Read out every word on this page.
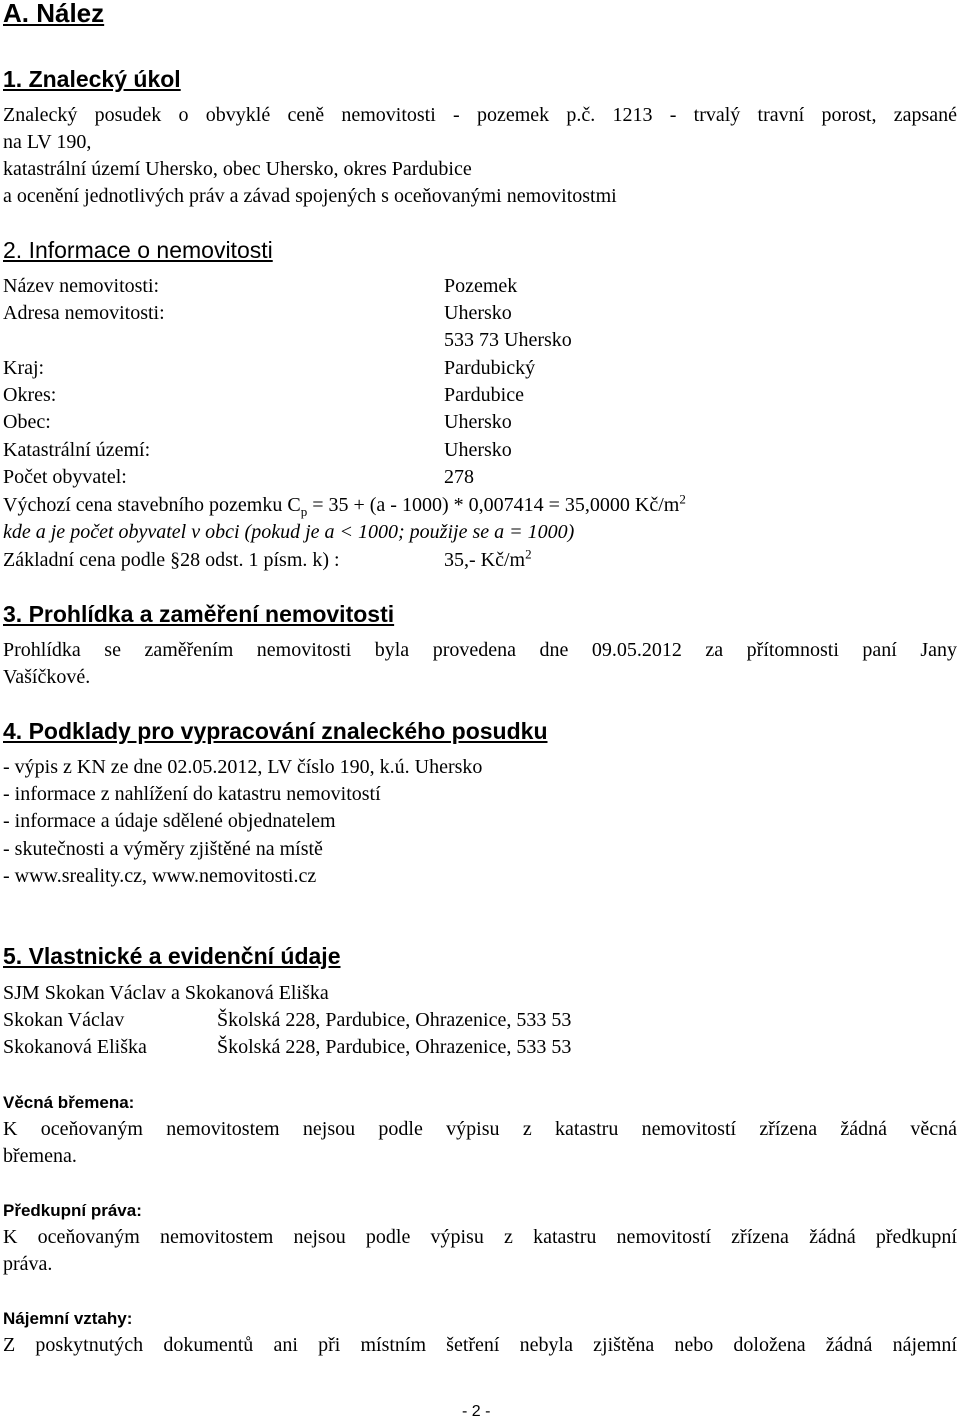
A. Nález
1. Znalecký úkol
Znalecký posudek o obvyklé ceně nemovitosti - pozemek p.č. 1213 - trvalý travní porost, zapsané
na LV 190,
katastrální území Uhersko, obec Uhersko, okres Pardubice
a ocenění jednotlivých práv a závad spojených s oceňovanými nemovitostmi
2. Informace o nemovitosti
Název nemovitosti:	Pozemek
Adresa nemovitosti:	Uhersko
533 73 Uhersko
Kraj:	Pardubický
Okres:	Pardubice
Obec:	Uhersko
Katastrální území:	Uhersko
Počet obyvatel:	278
Výchozí cena stavebního pozemku $C_p = 35 + (a - 1000) * 0,007414 = 35,0000$ $Kč/m^2$
kde a je počet obyvatel v obci (pokud je a < 1000; použije se a = 1000)
Základní cena podle §28 odst. 1 písm. k) :	35,- $Kč/m^2$
3. Prohlídka a zaměření nemovitosti
Prohlídka se zaměřením nemovitosti byla provedena dne 09.05.2012 za přítomnosti paní Jany
Vašíčkové.
4. Podklady pro vypracování znaleckého posudku
- výpis z KN ze dne 02.05.2012, LV číslo 190, k.ú. Uhersko
- informace z nahlížení do katastru nemovitostí
- informace a údaje sdělené objednatelem
- skutečnosti a výměry zjištěné na místě
- www.sreality.cz, www.nemovitosti.cz
5. Vlastnické a evidenční údaje
SJM Skokan Václav a Skokanová Eliška
Skokan Václav	Školská 228, Pardubice, Ohrazenice, 533 53
Skokanová Eliška	Školská 228, Pardubice, Ohrazenice, 533 53
Věcná břemena:
K oceňovaným nemovitostem nejsou podle výpisu z katastru nemovitostí zřízena žádná věcná
břemena.
Předkupní práva:
K oceňovaným nemovitostem nejsou podle výpisu z katastru nemovitostí zřízena žádná předkupní
práva.
Nájemní vztahy:
Z poskytnutých dokumentů ani při místním šetření nebyla zjištěna nebo doložena žádná nájemní
- 2 -
